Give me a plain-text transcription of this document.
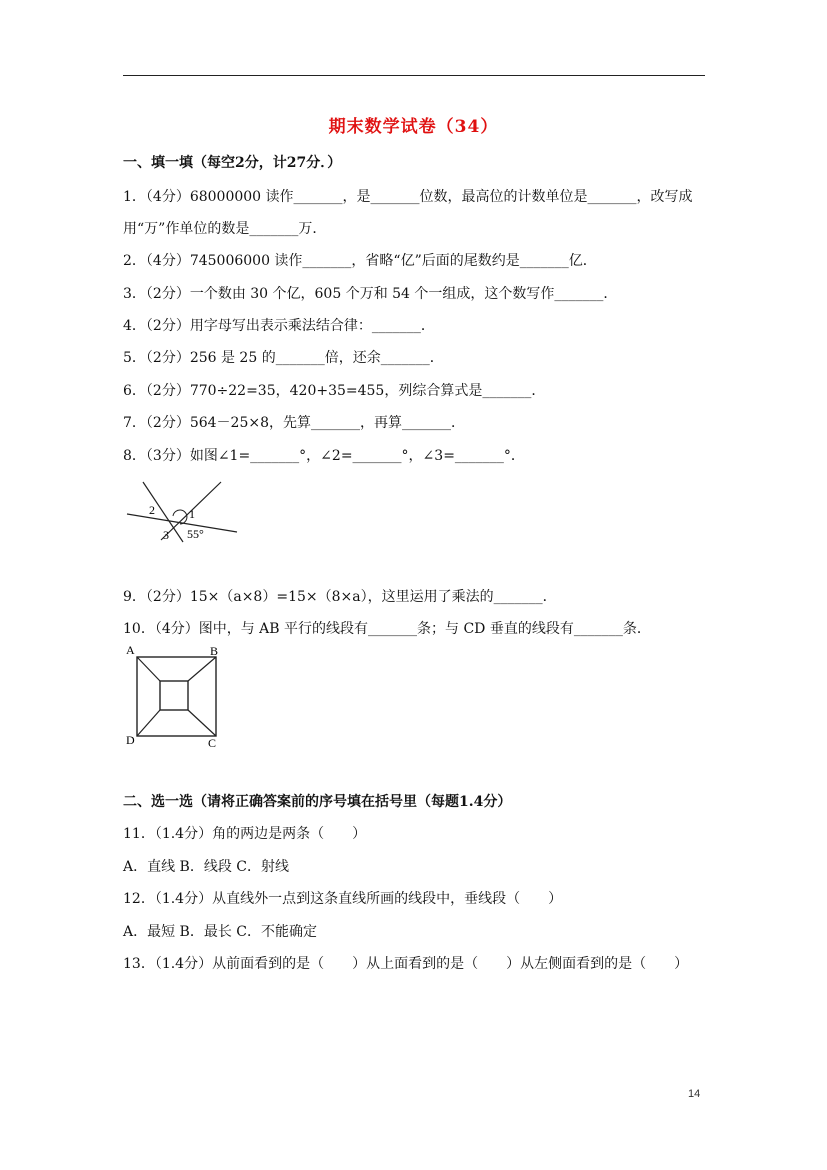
期末数学试卷（34）
一、填一填（每空2分，计27分．）
1．（4分）68000000 读作_______，是_______位数，最高位的计数单位是_______，改写成
用“万”作单位的数是_______万．
2．（4分）745006000 读作_______，省略“亿”后面的尾数约是_______亿．
3．（2分）一个数由 30 个亿，605 个万和 54 个一组成，这个数写作_______．
4．（2分）用字母写出表示乘法结合律：_______．
5．（2分）256 是 25 的_______倍，还余_______．
6．（2分）770÷22=35，420+35=455，列综合算式是_______．
7．（2分）564－25×8，先算_______，再算_______．
8．（3分）如图∠1=_______°，∠2=_______°，∠3=_______°．
2	1
3 55°
9．（2分）15×（a×8）=15×（8×a），这里运用了乘法的_______．
10．（4分）图中，与 AB 平行的线段有_______条；与 CD 垂直的线段有_______条．
A	B
D	C
二、选一选（请将正确答案前的序号填在括号里（每题1.4分）
11．（1.4分）角的两边是两条（　　）
A．直线 B．线段 C．射线
12．（1.4分）从直线外一点到这条直线所画的线段中，垂线段（　　）
A．最短 B．最长 C．不能确定
13．（1.4分）从前面看到的是（　　）从上面看到的是（　　）从左侧面看到的是（　　）
14
